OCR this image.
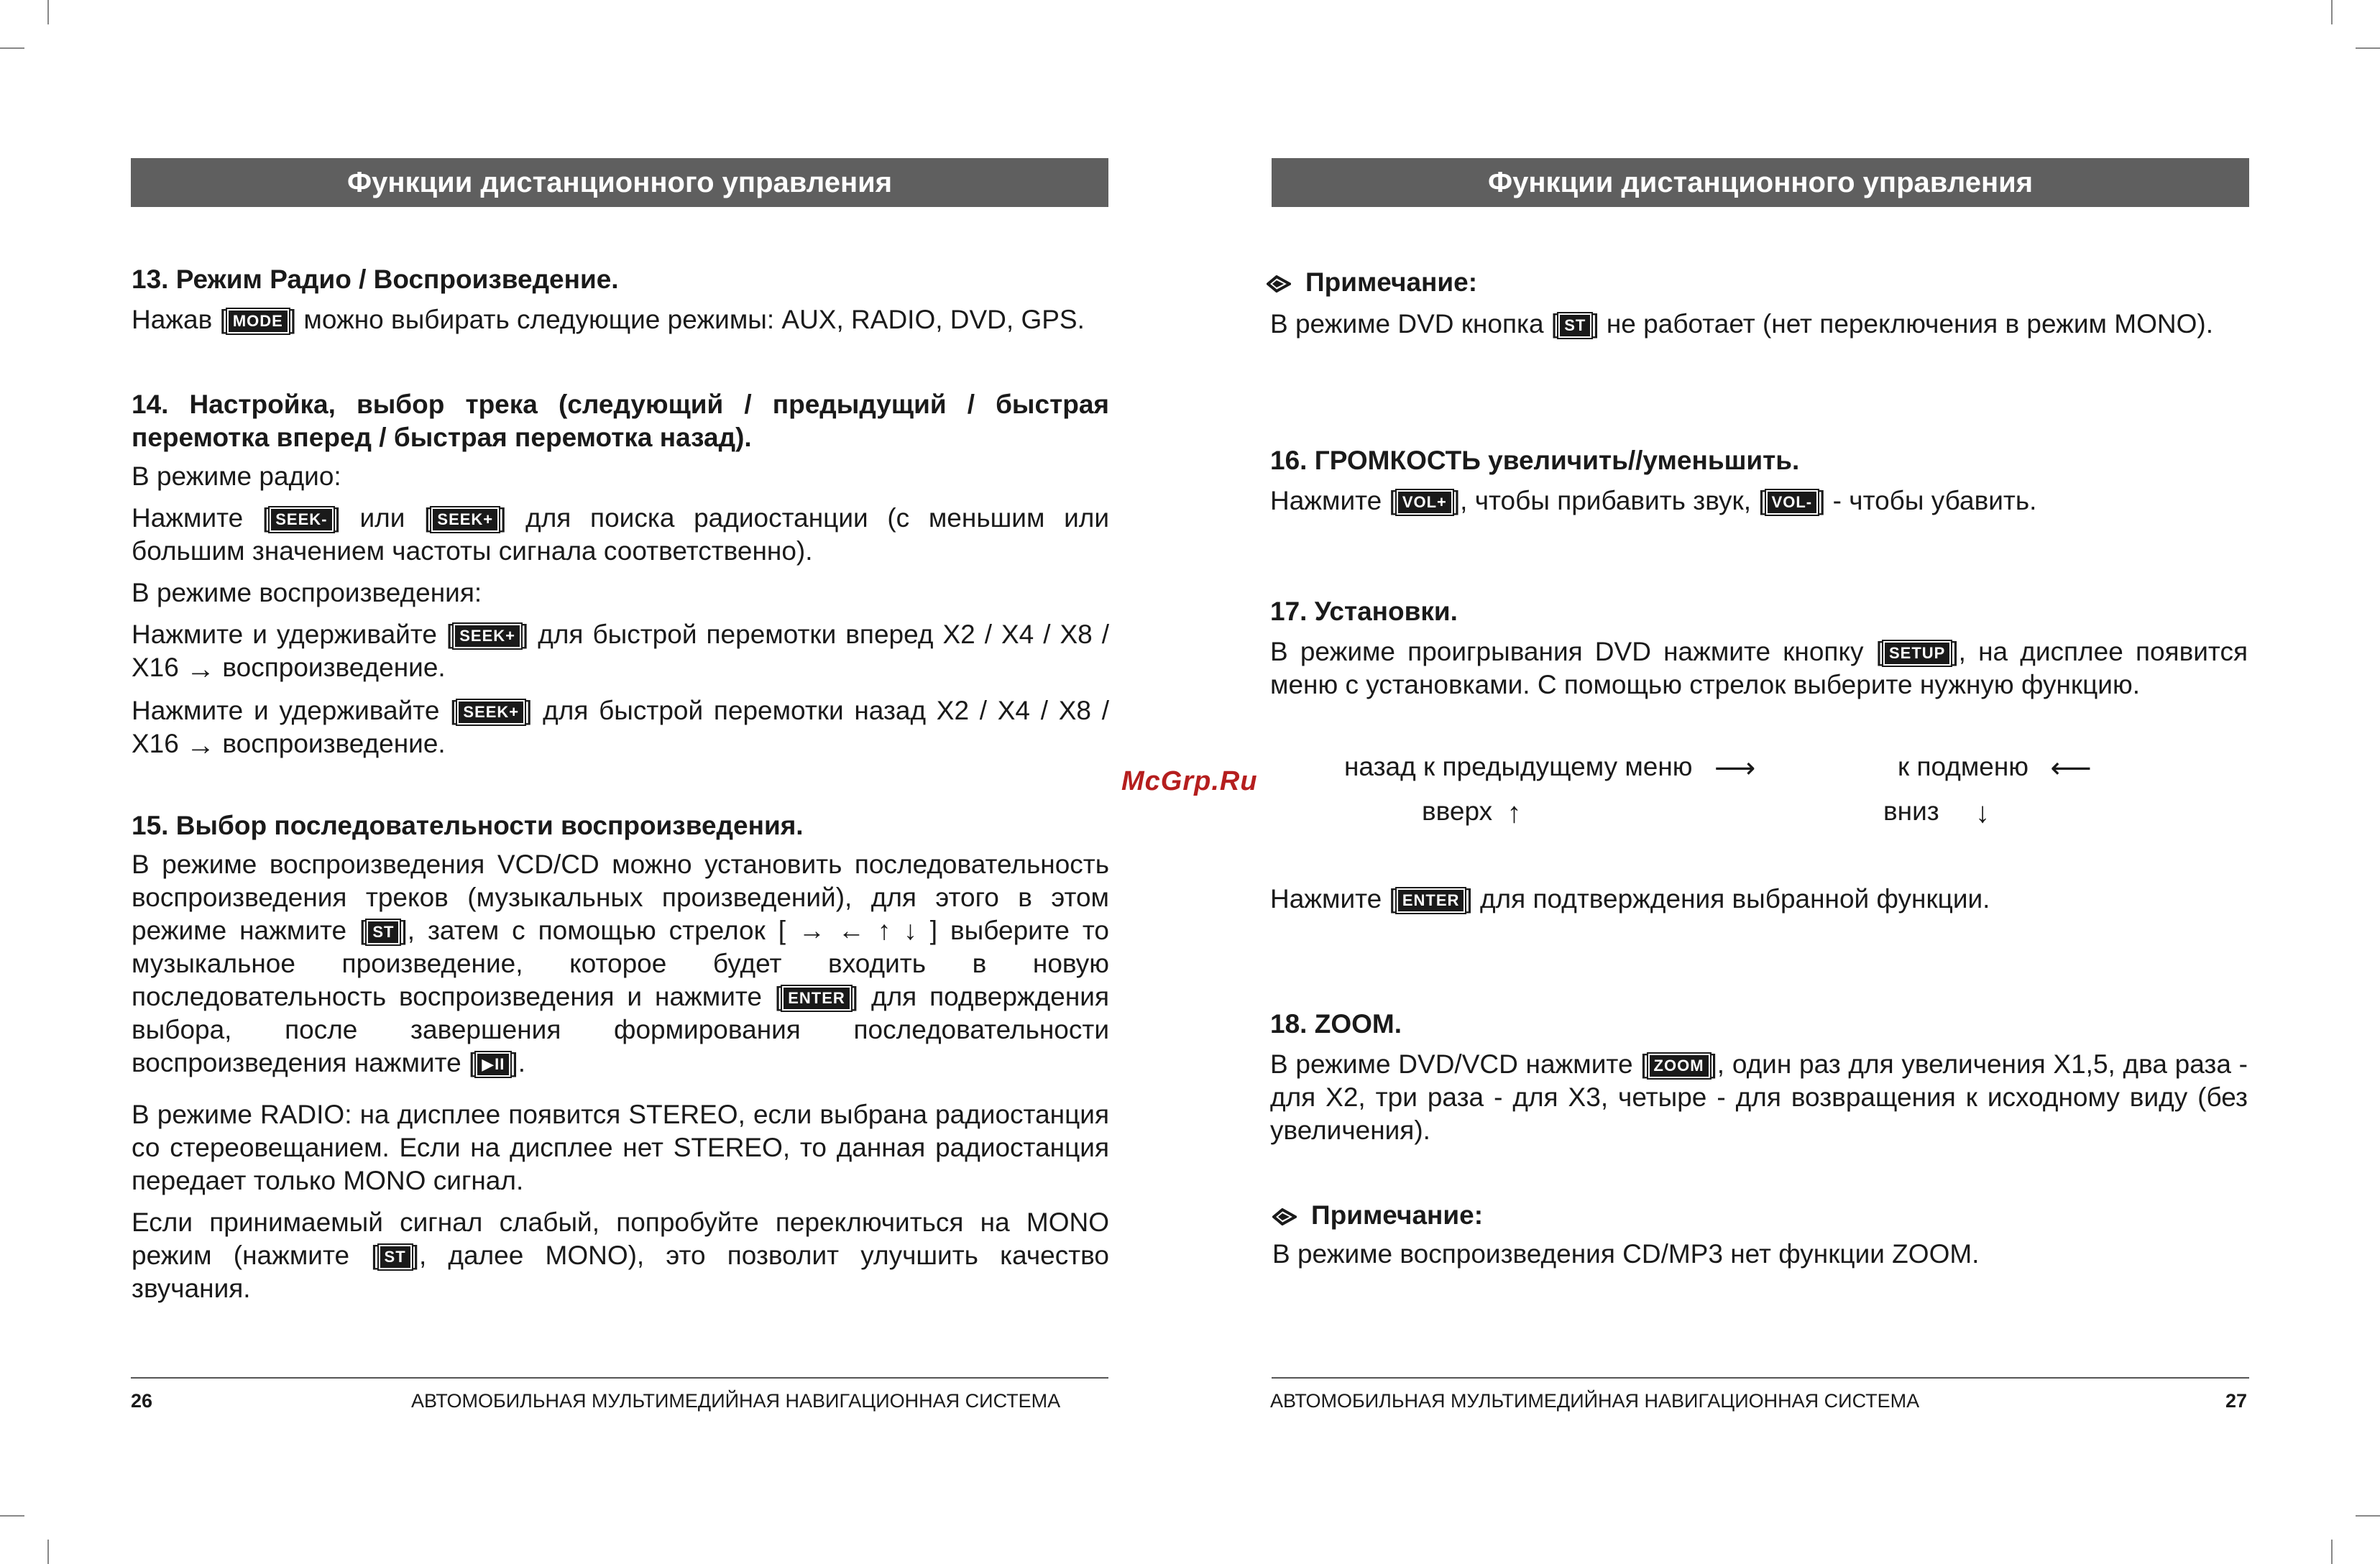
Функции дистанционного управления	Функции дистанционного управления
13. Режим Радио / Воспроизведение.

Нажав [ MODE ] можно выбирать следующие режимы: AUX, RADIO, DVD, GPS.

14. Настройка, выбор трека (следующий / предыдущий / быстрая перемотка вперед / быстрая перемотка назад).

В режиме радио:

Нажмите [ SEEK- ] или [ SEEK+ ] для поиска радиостанции (с меньшим или большим значением частоты сигнала соответственно).

В режиме воспроизведения:

Нажмите и удерживайте [ SEEK+ ] для быстрой перемотки вперед X2 / X4 / X8 / X16 → воспроизведение.

Нажмите и удерживайте [ SEEK+ ] для быстрой перемотки назад X2 / X4 / X8 / X16 → воспроизведение.

15. Выбор последовательности воспроизведения.

В режиме воспроизведения VCD/CD можно установить последовательность воспроизведения треков (музыкальных произведений), для этого в этом режиме нажмите [ ST ], затем с помощью стрелок [ → ← ↑ ↓ ] выберите то музыкальное произведение, которое будет входить в новую последовательность воспроизведения и нажмите [ ENTER ] для подверждения выбора, после завершения формирования последовательности воспроизведения нажмите [ ▶II ].

В режиме RADIO: на дисплее появится STEREO, если выбрана радиостанция со стереовещанием. Если на дисплее нет STEREO, то данная радиостанция передает только MONO сигнал.

Если принимаемый сигнал слабый, попробуйте переключиться на MONO режим (нажмите [ ST ], далее MONO), это позволит улучшить качество звучания.

McGrp.Ru
Примечание:

В режиме DVD кнопка [ ST ] не работает (нет переключения в режим MONO).

16. ГРОМКОСТЬ увеличить//уменьшить.

Нажмите [ VOL+ ], чтобы прибавить звук, [ VOL- ] - чтобы убавить.

17. Установки.

В режиме проигрывания DVD нажмите кнопку [ SETUP ], на дисплее появится меню с установками. С помощью стрелок выберите нужную функцию.

назад к предыдущему меню ⟶	к подменю ⟵
вверх ↑	вниз ↓

Нажмите [ ENTER ] для подтверждения выбранной функции.

18. ZOOM.

В режиме DVD/VCD нажмите [ ZOOM ], один раз для увеличения X1,5, два раза - для X2, три раза - для X3, четыре - для возвращения к исходному виду (без увеличения).

Примечание:

В режиме воспроизведения CD/MP3 нет функции ZOOM.

26	АВТОМОБИЛЬНАЯ МУЛЬТИМЕДИЙНАЯ НАВИГАЦИОННАЯ СИСТЕМА	АВТОМОБИЛЬНАЯ МУЛЬТИМЕДИЙНАЯ НАВИГАЦИОННАЯ СИСТЕМА	27
